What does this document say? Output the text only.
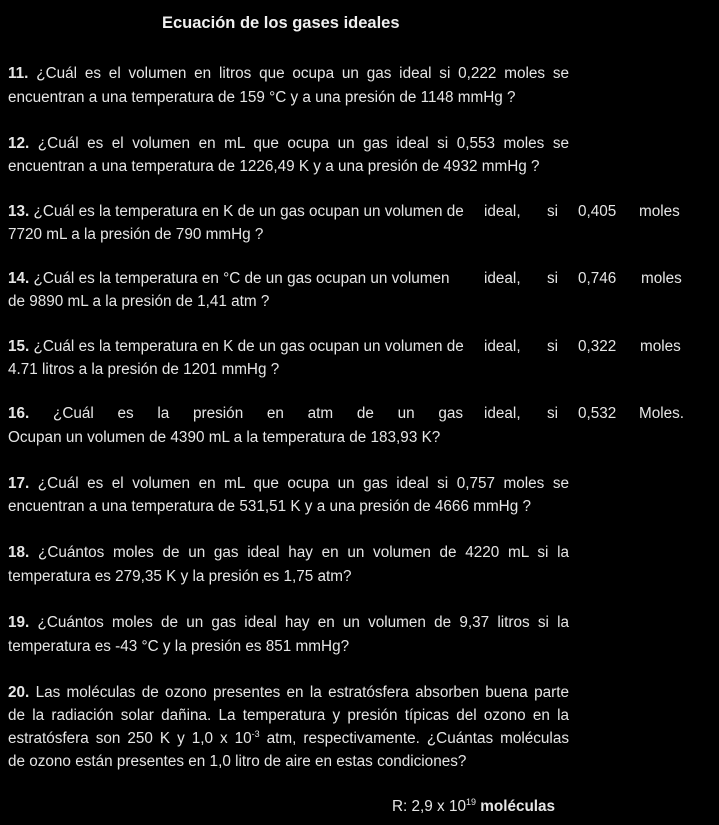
Ecuación de los gases ideales
11. ¿Cuál es el volumen en litros que ocupa un gas ideal si 0,222 moles se
encuentran a una temperatura de 159 °C y a una presión de 1148 mmHg ?
12. ¿Cuál es el volumen en mL que ocupa un gas ideal si 0,553 moles se
encuentran a una temperatura de 1226,49 K y a una presión de 4932 mmHg ?
13. ¿Cuál es la temperatura en K de un gas ocupan un volumen de ideal, si 0,405 moles
7720 mL a la presión de 790 mmHg ?
14. ¿Cuál es la temperatura en °C de un gas ocupan un volumen ideal, si 0,746 moles
de 9890 mL a la presión de 1,41 atm ?
15. ¿Cuál es la temperatura en K de un gas ocupan un volumen de ideal, si 0,322 moles
4.71 litros a la presión de 1201 mmHg ?
16. ¿Cuál es la presión en atm de un gas ideal, si 0,532 Moles.
Ocupan un volumen de 4390 mL a la temperatura de 183,93 K?
17. ¿Cuál es el volumen en mL que ocupa un gas ideal si 0,757 moles se
encuentran a una temperatura de 531,51 K y a una presión de 4666 mmHg ?
18. ¿Cuántos moles de un gas ideal hay en un volumen de 4220 mL si la
temperatura es 279,35 K y la presión es 1,75 atm?
19. ¿Cuántos moles de un gas ideal hay en un volumen de 9,37 litros si la
temperatura es -43 °C y la presión es 851 mmHg?
20. Las moléculas de ozono presentes en la estratósfera absorben buena parte
de la radiación solar dañina. La temperatura y presión típicas del ozono en la
estratósfera son 250 K y 1,0 x $10^{-3}$ atm, respectivamente. ¿Cuántas moléculas
de ozono están presentes en 1,0 litro de aire en estas condiciones?
R: 2,9 x $10^{19}$ moléculas
